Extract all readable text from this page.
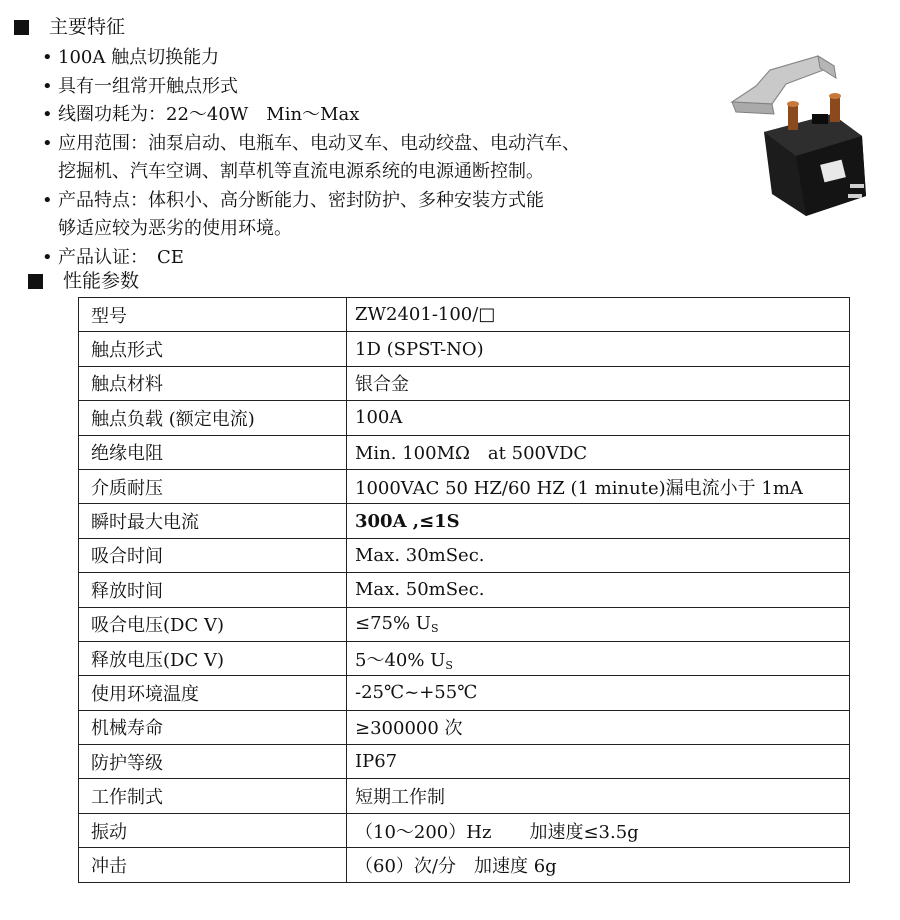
主要特征
• 100A 触点切换能力
• 具有一组常开触点形式
• 线圈功耗为：22～40W　Min～Max
• 应用范围：油泵启动、电瓶车、电动叉车、电动绞盘、电动汽车、
挖掘机、汽车空调、割草机等直流电源系统的电源通断控制。
• 产品特点：体积小、高分断能力、密封防护、多种安装方式能
够适应较为恶劣的使用环境。
• 产品认证：　CE
性能参数
型号	ZW2401-100/□
触点形式	1D (SPST-NO)
触点材料	银合金
触点负载 (额定电流)	100A
绝缘电阻	Min. 100MΩ　at 500VDC
介质耐压	1000VAC 50 HZ/60 HZ (1 minute)漏电流小于 1mA
瞬时最大电流	300A ,≤1S
吸合时间	Max. 30mSec.
释放时间	Max. 50mSec.
吸合电压(DC V)	≤75% $U_S$
释放电压(DC V)	5～40% $U_S$
使用环境温度	-25℃~+55℃
机械寿命	≥300000 次
防护等级	IP67
工作制式	短期工作制
振动	（10～200）Hz 加速度≤3.5g
冲击	（60）次/分　加速度 6g
